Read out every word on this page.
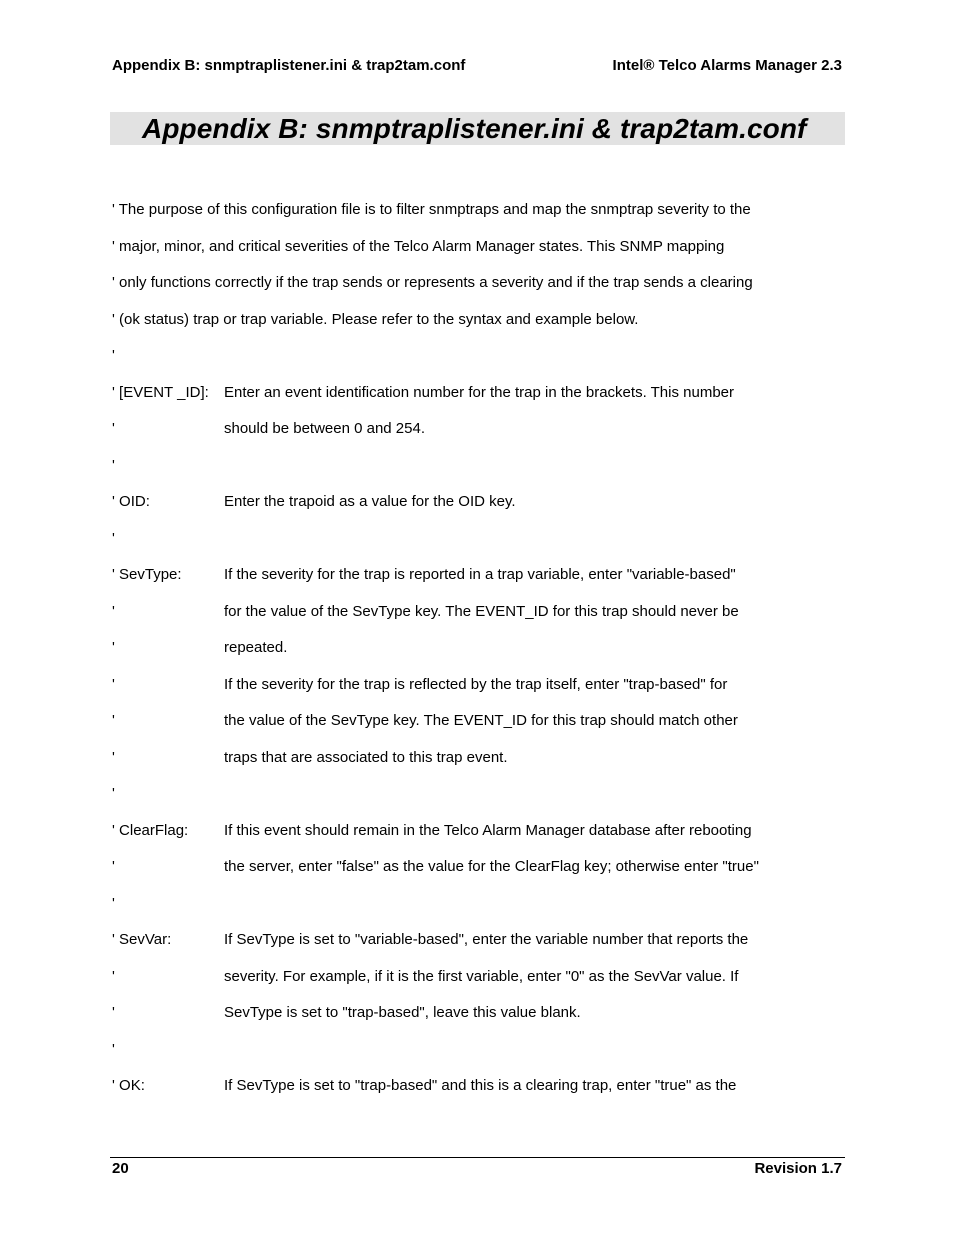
Appendix B: snmptraplistener.ini & trap2tam.conf	Intel® Telco Alarms Manager 2.3
Appendix B: snmptraplistener.ini & trap2tam.conf
' The purpose of this configuration file is to filter snmptraps and map the snmptrap severity to the
' major, minor, and critical severities of the Telco Alarm Manager states. This SNMP mapping
' only functions correctly if the trap sends or represents a severity and if the trap sends a clearing
' (ok status) trap or trap variable. Please refer to the syntax and example below.
'
' [EVENT _ID]: Enter an event identification number for the trap in the brackets. This number
'	should be between 0 and 254.
'
' OID:	Enter the trapoid as a value for the OID key.
'
' SevType:	If the severity for the trap is reported in a trap variable, enter "variable-based"
'	for the value of the SevType key. The EVENT_ID for this trap should never be
'	repeated.
'	If the severity for the trap is reflected by the trap itself, enter "trap-based" for
'	the value of the SevType key. The EVENT_ID for this trap should match other
'	traps that are associated to this trap event.
'
' ClearFlag: If this event should remain in the Telco Alarm Manager database after rebooting
'	the server, enter "false" as the value for the ClearFlag key; otherwise enter "true"
'
' SevVar:	If SevType is set to "variable-based", enter the variable number that reports the
'	severity. For example, if it is the first variable, enter "0" as the SevVar value. If
'	SevType is set to "trap-based", leave this value blank.
'
' OK:	If SevType is set to "trap-based" and this is a clearing trap, enter "true" as the
20	Revision 1.7
